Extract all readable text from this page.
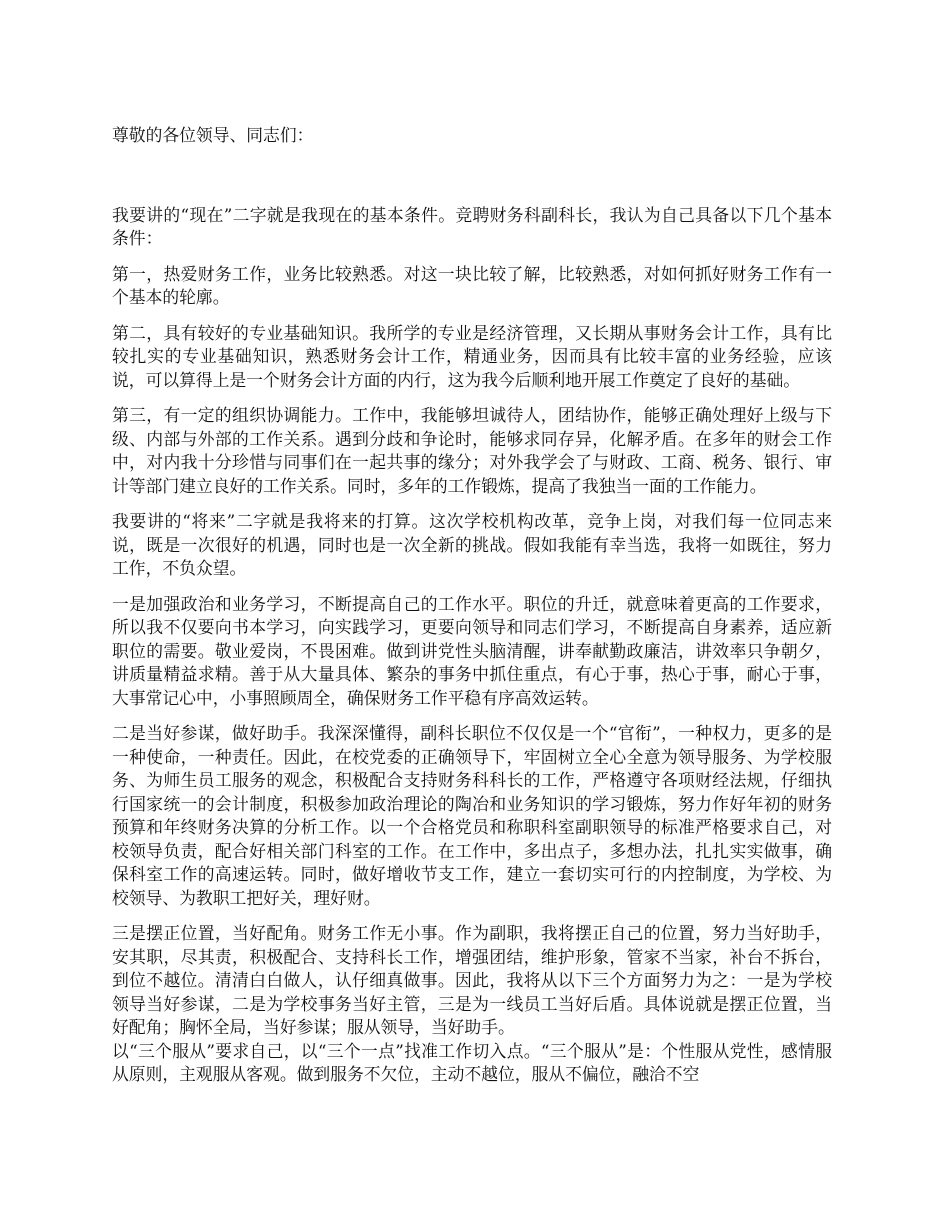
尊敬的各位领导、同志们：

我要讲的“现在”二字就是我现在的基本条件。竞聘财务科副科长，我认为自己具备以下几个基本条件：

第一，热爱财务工作，业务比较熟悉。对这一块比较了解，比较熟悉，对如何抓好财务工作有一个基本的轮廓。

第二，具有较好的专业基础知识。我所学的专业是经济管理，又长期从事财务会计工作，具有比较扎实的专业基础知识，熟悉财务会计工作，精通业务，因而具有比较丰富的业务经验，应该说，可以算得上是一个财务会计方面的内行，这为我今后顺利地开展工作奠定了良好的基础。

第三，有一定的组织协调能力。工作中，我能够坦诚待人，团结协作，能够正确处理好上级与下级、内部与外部的工作关系。遇到分歧和争论时，能够求同存异，化解矛盾。在多年的财会工作中，对内我十分珍惜与同事们在一起共事的缘分；对外我学会了与财政、工商、税务、银行、审计等部门建立良好的工作关系。同时，多年的工作锻炼，提高了我独当一面的工作能力。

我要讲的“将来”二字就是我将来的打算。这次学校机构改革，竞争上岗，对我们每一位同志来说，既是一次很好的机遇，同时也是一次全新的挑战。假如我能有幸当选，我将一如既往，努力工作，不负众望。

一是加强政治和业务学习，不断提高自己的工作水平。职位的升迁，就意味着更高的工作要求，所以我不仅要向书本学习，向实践学习，更要向领导和同志们学习，不断提高自身素养，适应新职位的需要。敬业爱岗，不畏困难。做到讲党性头脑清醒，讲奉献勤政廉洁，讲效率只争朝夕，讲质量精益求精。善于从大量具体、繁杂的事务中抓住重点，有心于事，热心于事，耐心于事，大事常记心中，小事照顾周全，确保财务工作平稳有序高效运转。

二是当好参谋，做好助手。我深深懂得，副科长职位不仅仅是一个“官衔”，一种权力，更多的是一种使命，一种责任。因此，在校党委的正确领导下，牢固树立全心全意为领导服务、为学校服务、为师生员工服务的观念，积极配合支持财务科科长的工作，严格遵守各项财经法规，仔细执行国家统一的会计制度，积极参加政治理论的陶冶和业务知识的学习锻炼，努力作好年初的财务预算和年终财务决算的分析工作。以一个合格党员和称职科室副职领导的标准严格要求自己，对校领导负责，配合好相关部门科室的工作。在工作中，多出点子，多想办法，扎扎实实做事，确保科室工作的高速运转。同时，做好增收节支工作，建立一套切实可行的内控制度，为学校、为校领导、为教职工把好关，理好财。

三是摆正位置，当好配角。财务工作无小事。作为副职，我将摆正自己的位置，努力当好助手，安其职，尽其责，积极配合、支持科长工作，增强团结，维护形象，管家不当家，补台不拆台，到位不越位。清清白白做人，认仔细真做事。因此，我将从以下三个方面努力为之：一是为学校领导当好参谋，二是为学校事务当好主管，三是为一线员工当好后盾。具体说就是摆正位置，当好配角；胸怀全局，当好参谋；服从领导，当好助手。

以“三个服从”要求自己，以“三个一点”找准工作切入点。“三个服从”是：个性服从党性，感情服从原则，主观服从客观。做到服务不欠位，主动不越位，服从不偏位，融洽不空
